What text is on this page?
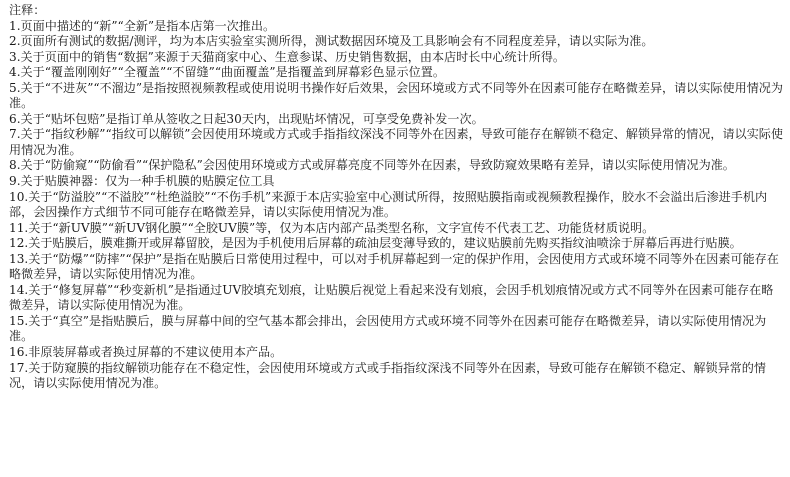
注释：
1.页面中描述的“新”“全新”是指本店第一次推出。
2.页面所有测试的数据/测评，均为本店实验室实测所得，测试数据因环境及工具影响会有不同程度差异，请以实际为准。
3.关于页面中的销售“数据”来源于天猫商家中心、生意参谋、历史销售数据，由本店时长中心统计所得。
4.关于“覆盖刚刚好”“全覆盖”“不留缝”“曲面覆盖”是指覆盖到屏幕彩色显示位置。
5.关于“不进灰”“不溜边”是指按照视频教程或使用说明书操作好后效果，会因环境或方式不同等外在因素可能存在略微差异，请以实际使用情况为准。
6.关于“贴坏包赔”是指订单从签收之日起30天内，出现贴坏情况，可享受免费补发一次。
7.关于“指纹秒解”“指纹可以解锁”会因使用环境或方式或手指指纹深浅不同等外在因素，导致可能存在解锁不稳定、解锁异常的情况，请以实际使用情况为准。
8.关于“防偷窥”“防偷看”“保护隐私”会因使用环境或方式或屏幕亮度不同等外在因素，导致防窥效果略有差异，请以实际使用情况为准。
9.关于贴膜神器：仅为一种手机膜的贴膜定位工具
10.关于“防溢胶”“不溢胶”“杜绝溢胶”“不伤手机”来源于本店实验室中心测试所得，按照贴膜指南或视频教程操作，胶水不会溢出后渗进手机内部，会因操作方式细节不同可能存在略微差异，请以实际使用情况为准。
11.关于“新UV膜”“新UV钢化膜”“全胶UV膜”等，仅为本店内部产品类型名称，文字宣传不代表工艺、功能货材质说明。
12.关于贴膜后，膜难撕开或屏幕留胶，是因为手机使用后屏幕的疏油层变薄导致的，建议贴膜前先购买指纹油喷涂于屏幕后再进行贴膜。
13.关于“防爆”“防摔”“保护”是指在贴膜后日常使用过程中，可以对手机屏幕起到一定的保护作用，会因使用方式或环境不同等外在因素可能存在略微差异，请以实际使用情况为准。
14.关于“修复屏幕”“秒变新机”是指通过UV胶填充划痕，让贴膜后视觉上看起来没有划痕，会因手机划痕情况或方式不同等外在因素可能存在略微差异，请以实际使用情况为准。
15.关于“真空”是指贴膜后，膜与屏幕中间的空气基本都会排出，会因使用方式或环境不同等外在因素可能存在略微差异，请以实际使用情况为准。
16.非原装屏幕或者换过屏幕的不建议使用本产品。
17.关于防窥膜的指纹解锁功能存在不稳定性，会因使用环境或方式或手指指纹深浅不同等外在因素，导致可能存在解锁不稳定、解锁异常的情况，请以实际使用情况为准。
